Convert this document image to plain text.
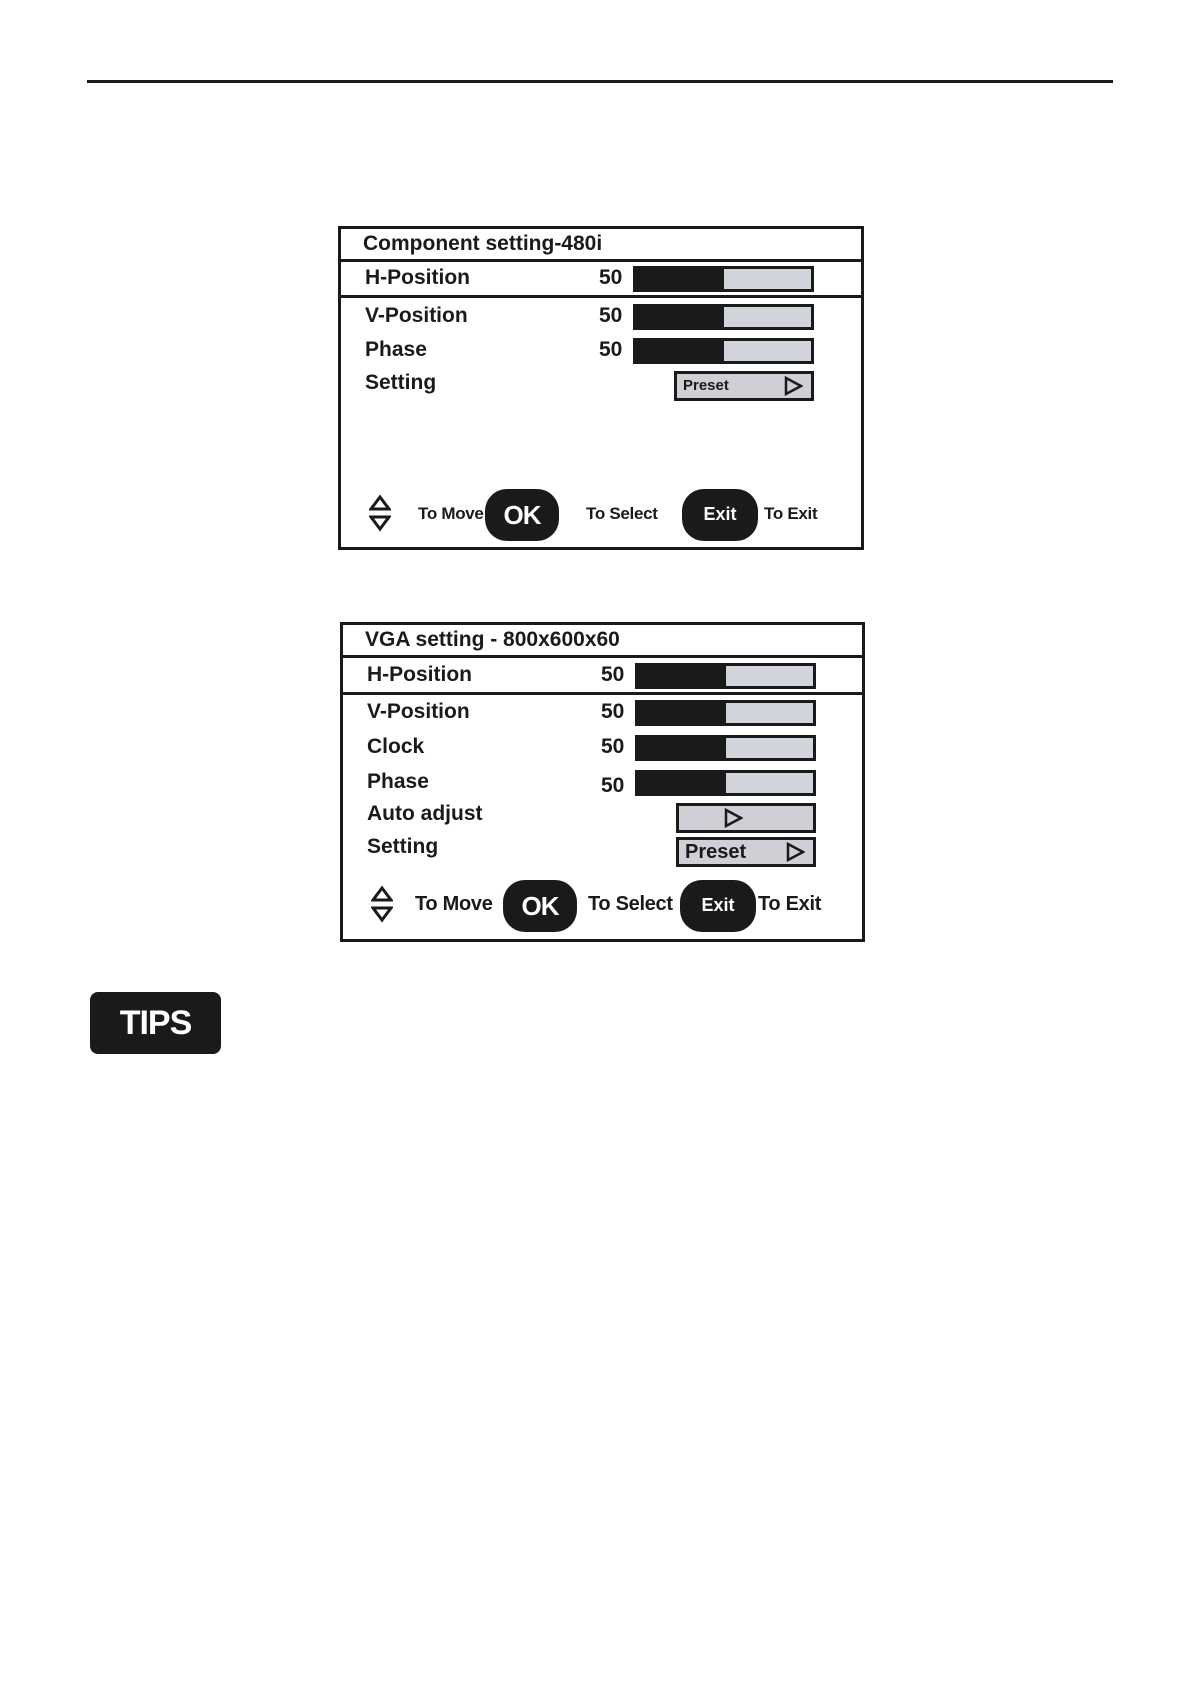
Component setting-480i
H-Position	50
V-Position	50
Phase	50
Setting	Preset
To Move OK	To Select	Exit	To Exit
VGA setting - 800x600x60
H-Position	50
V-Position	50
Clock	50
Phase	50
Auto adjust
Setting	Preset
To Move	OK	To Select	Exit	To Exit
TIPS
